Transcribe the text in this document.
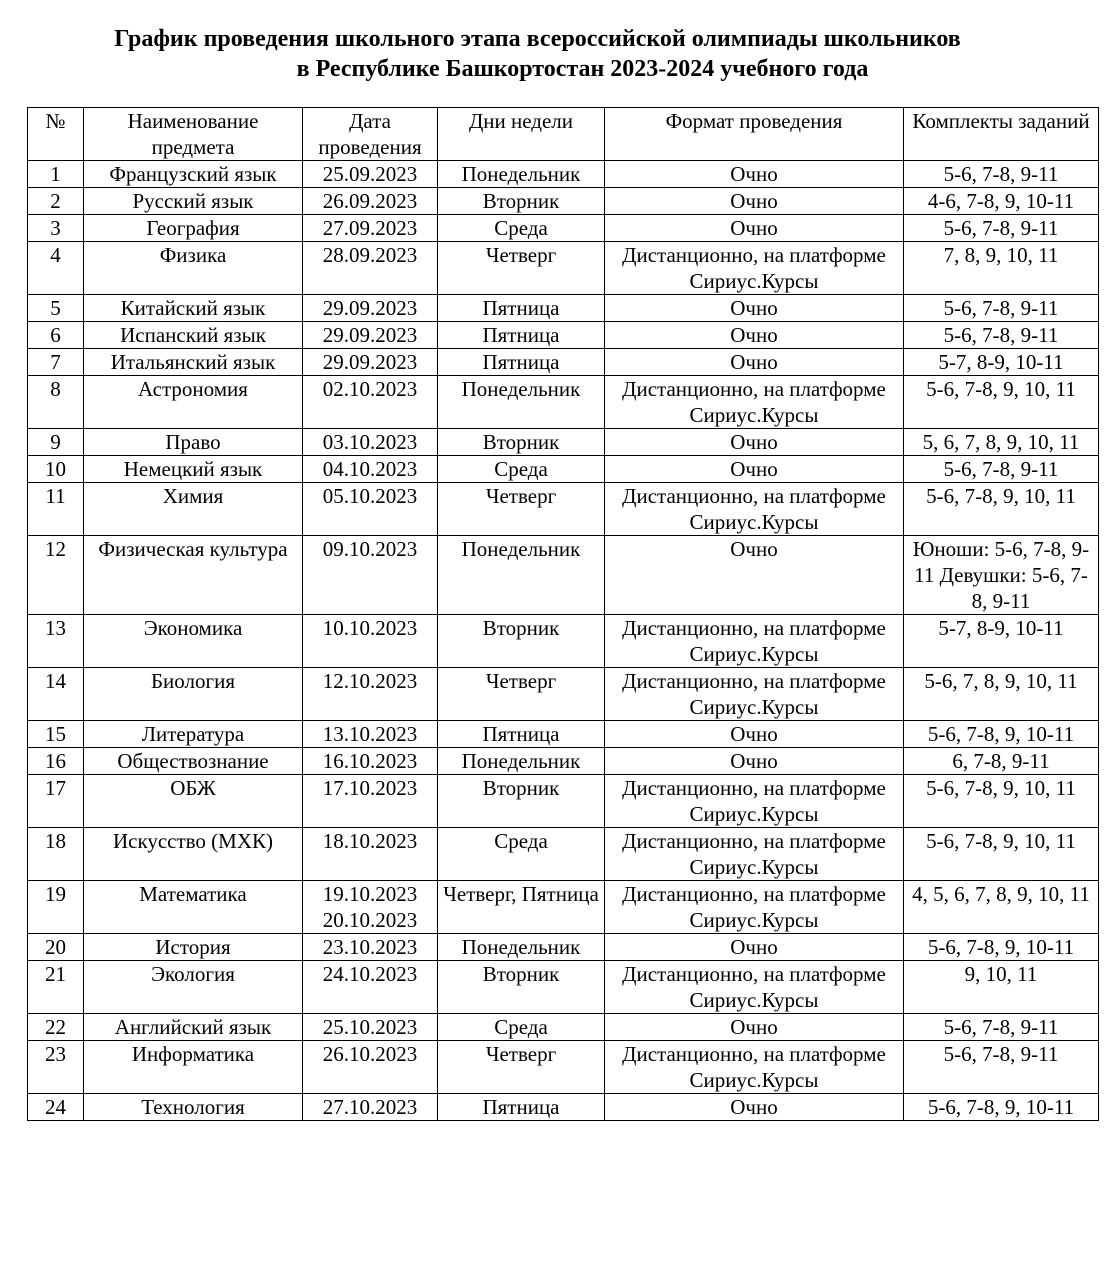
График проведения школьного этапа всероссийской олимпиады школьников
в Республике Башкортостан 2023-2024 учебного года
№	Наименование предмета	Дата проведения	Дни недели	Формат проведения	Комплекты заданий
1	Французский язык	25.09.2023	Понедельник	Очно	5-6, 7-8, 9-11
2	Русский язык	26.09.2023	Вторник	Очно	4-6, 7-8, 9, 10-11
3	География	27.09.2023	Среда	Очно	5-6, 7-8, 9-11
4	Физика	28.09.2023	Четверг	Дистанционно, на платформе Сириус.Курсы	7, 8, 9, 10, 11
5	Китайский язык	29.09.2023	Пятница	Очно	5-6, 7-8, 9-11
6	Испанский язык	29.09.2023	Пятница	Очно	5-6, 7-8, 9-11
7	Итальянский язык	29.09.2023	Пятница	Очно	5-7, 8-9, 10-11
8	Астрономия	02.10.2023	Понедельник	Дистанционно, на платформе Сириус.Курсы	5-6, 7-8, 9, 10, 11
9	Право	03.10.2023	Вторник	Очно	5, 6, 7, 8, 9, 10, 11
10	Немецкий язык	04.10.2023	Среда	Очно	5-6, 7-8, 9-11
11	Химия	05.10.2023	Четверг	Дистанционно, на платформе Сириус.Курсы	5-6, 7-8, 9, 10, 11
12	Физическая культура	09.10.2023	Понедельник	Очно	Юноши: 5-6, 7-8, 9-11 Девушки: 5-6, 7-8, 9-11
13	Экономика	10.10.2023	Вторник	Дистанционно, на платформе Сириус.Курсы	5-7, 8-9, 10-11
14	Биология	12.10.2023	Четверг	Дистанционно, на платформе Сириус.Курсы	5-6, 7, 8, 9, 10, 11
15	Литература	13.10.2023	Пятница	Очно	5-6, 7-8, 9, 10-11
16	Обществознание	16.10.2023	Понедельник	Очно	6, 7-8, 9-11
17	ОБЖ	17.10.2023	Вторник	Дистанционно, на платформе Сириус.Курсы	5-6, 7-8, 9, 10, 11
18	Искусство (МХК)	18.10.2023	Среда	Дистанционно, на платформе Сириус.Курсы	5-6, 7-8, 9, 10, 11
19	Математика	19.10.2023 20.10.2023	Четверг, Пятница	Дистанционно, на платформе Сириус.Курсы	4, 5, 6, 7, 8, 9, 10, 11
20	История	23.10.2023	Понедельник	Очно	5-6, 7-8, 9, 10-11
21	Экология	24.10.2023	Вторник	Дистанционно, на платформе Сириус.Курсы	9, 10, 11
22	Английский язык	25.10.2023	Среда	Очно	5-6, 7-8, 9-11
23	Информатика	26.10.2023	Четверг	Дистанционно, на платформе Сириус.Курсы	5-6, 7-8, 9-11
24	Технология	27.10.2023	Пятница	Очно	5-6, 7-8, 9, 10-11
